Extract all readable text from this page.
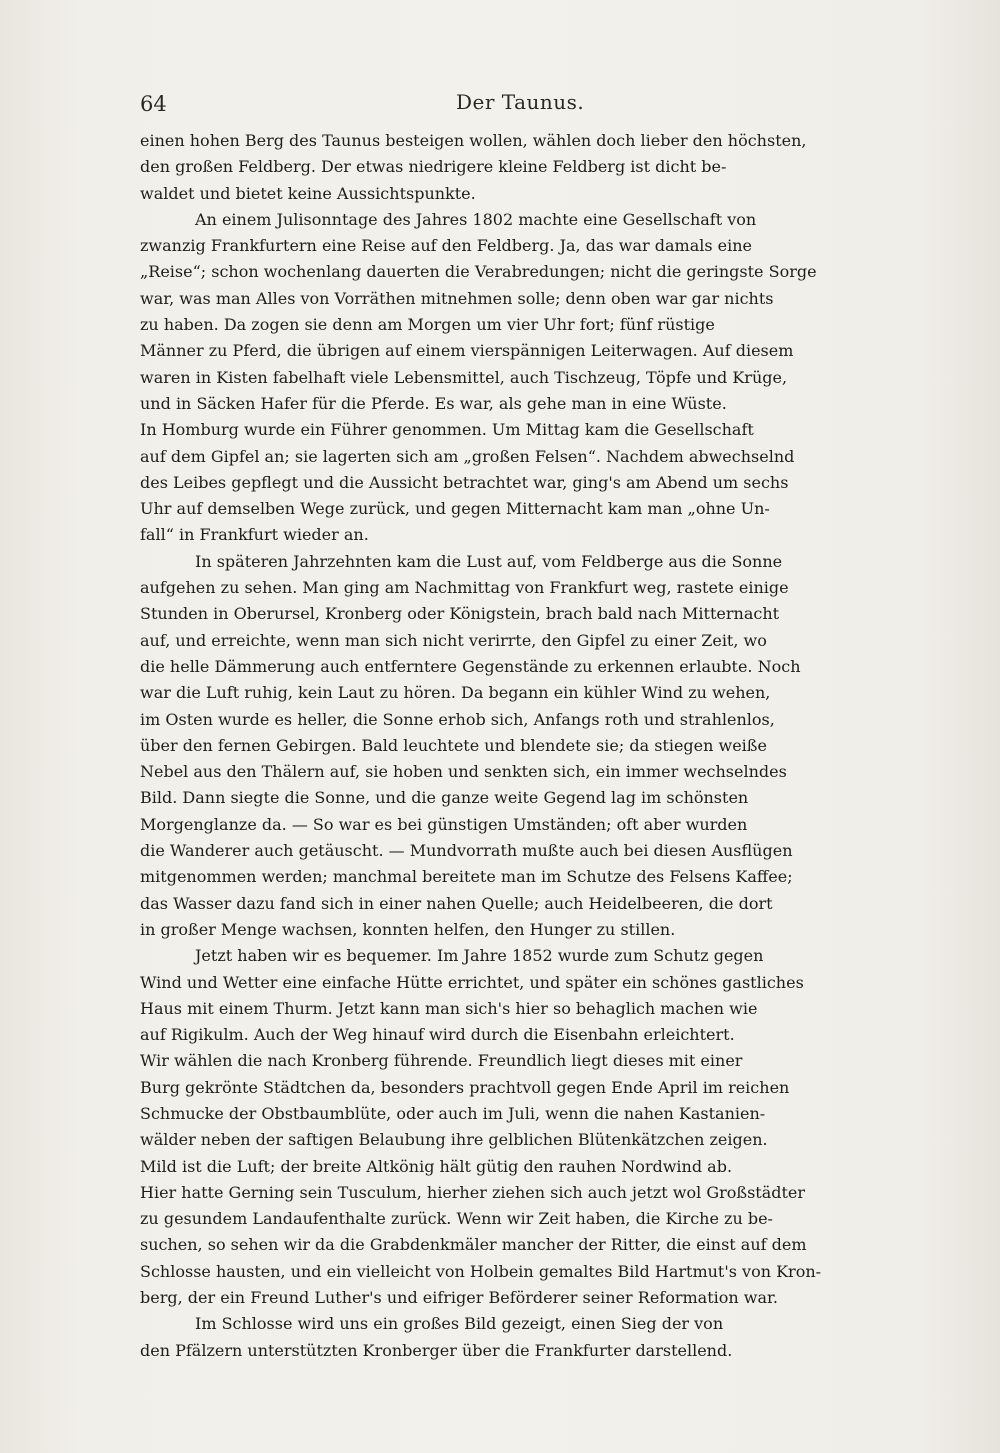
64	Der Taunus.
einen hohen Berg des Taunus besteigen wollen, wählen doch lieber den höchsten,
den großen Feldberg. Der etwas niedrigere kleine Feldberg ist dicht be-
waldet und bietet keine Aussichtspunkte.
An einem Julisonntage des Jahres 1802 machte eine Gesellschaft von
zwanzig Frankfurtern eine Reise auf den Feldberg. Ja, das war damals eine
„Reise“; schon wochenlang dauerten die Verabredungen; nicht die geringste Sorge
war, was man Alles von Vorräthen mitnehmen solle; denn oben war gar nichts
zu haben. Da zogen sie denn am Morgen um vier Uhr fort; fünf rüstige
Männer zu Pferd, die übrigen auf einem vierspännigen Leiterwagen. Auf diesem
waren in Kisten fabelhaft viele Lebensmittel, auch Tischzeug, Töpfe und Krüge,
und in Säcken Hafer für die Pferde. Es war, als gehe man in eine Wüste.
In Homburg wurde ein Führer genommen. Um Mittag kam die Gesellschaft
auf dem Gipfel an; sie lagerten sich am „großen Felsen“. Nachdem abwechselnd
des Leibes gepflegt und die Aussicht betrachtet war, ging's am Abend um sechs
Uhr auf demselben Wege zurück, und gegen Mitternacht kam man „ohne Un-
fall“ in Frankfurt wieder an.
In späteren Jahrzehnten kam die Lust auf, vom Feldberge aus die Sonne
aufgehen zu sehen. Man ging am Nachmittag von Frankfurt weg, rastete einige
Stunden in Oberursel, Kronberg oder Königstein, brach bald nach Mitternacht
auf, und erreichte, wenn man sich nicht verirrte, den Gipfel zu einer Zeit, wo
die helle Dämmerung auch entferntere Gegenstände zu erkennen erlaubte. Noch
war die Luft ruhig, kein Laut zu hören. Da begann ein kühler Wind zu wehen,
im Osten wurde es heller, die Sonne erhob sich, Anfangs roth und strahlenlos,
über den fernen Gebirgen. Bald leuchtete und blendete sie; da stiegen weiße
Nebel aus den Thälern auf, sie hoben und senkten sich, ein immer wechselndes
Bild. Dann siegte die Sonne, und die ganze weite Gegend lag im schönsten
Morgenglanze da. — So war es bei günstigen Umständen; oft aber wurden
die Wanderer auch getäuscht. — Mundvorrath mußte auch bei diesen Ausflügen
mitgenommen werden; manchmal bereitete man im Schutze des Felsens Kaffee;
das Wasser dazu fand sich in einer nahen Quelle; auch Heidelbeeren, die dort
in großer Menge wachsen, konnten helfen, den Hunger zu stillen.
Jetzt haben wir es bequemer. Im Jahre 1852 wurde zum Schutz gegen
Wind und Wetter eine einfache Hütte errichtet, und später ein schönes gastliches
Haus mit einem Thurm. Jetzt kann man sich's hier so behaglich machen wie
auf Rigikulm. Auch der Weg hinauf wird durch die Eisenbahn erleichtert.
Wir wählen die nach Kronberg führende. Freundlich liegt dieses mit einer
Burg gekrönte Städtchen da, besonders prachtvoll gegen Ende April im reichen
Schmucke der Obstbaumblüte, oder auch im Juli, wenn die nahen Kastanien-
wälder neben der saftigen Belaubung ihre gelblichen Blütenkätzchen zeigen.
Mild ist die Luft; der breite Altkönig hält gütig den rauhen Nordwind ab.
Hier hatte Gerning sein Tusculum, hierher ziehen sich auch jetzt wol Großstädter
zu gesundem Landaufenthalte zurück. Wenn wir Zeit haben, die Kirche zu be-
suchen, so sehen wir da die Grabdenkmäler mancher der Ritter, die einst auf dem
Schlosse hausten, und ein vielleicht von Holbein gemaltes Bild Hartmut's von Kron-
berg, der ein Freund Luther's und eifriger Beförderer seiner Reformation war.
Im Schlosse wird uns ein großes Bild gezeigt, einen Sieg der von
den Pfälzern unterstützten Kronberger über die Frankfurter darstellend.
